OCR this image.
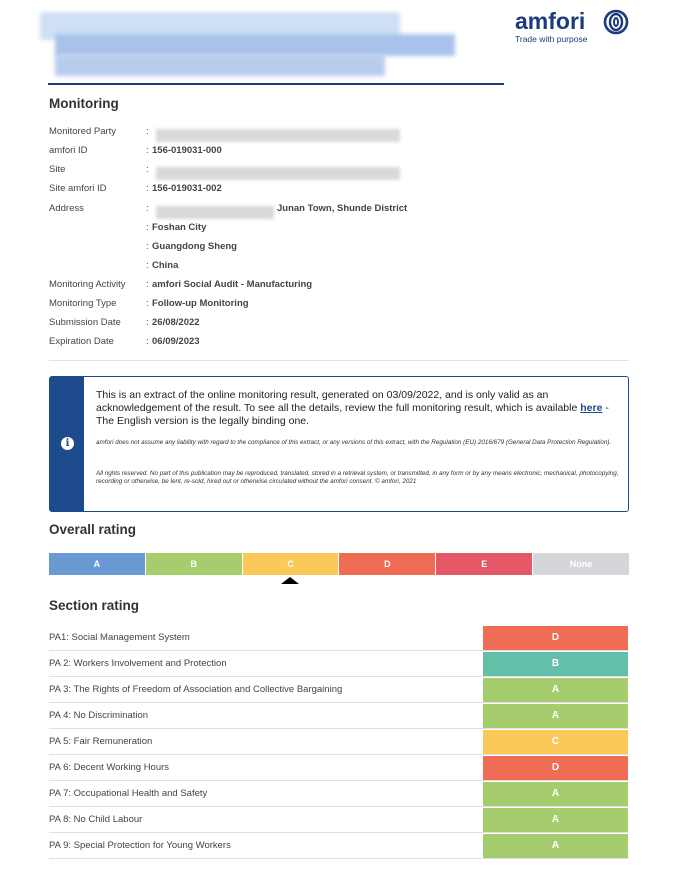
amfori
Trade with purpose
Monitoring
Monitored Party	:
amfori ID	: 156-019031-000
Site	:
Site amfori ID	: 156-019031-002
Address	:	Junan Town, Shunde District
: Foshan City
: Guangdong Sheng
: China
Monitoring Activity	: amfori Social Audit - Manufacturing
Monitoring Type	: Follow-up Monitoring
Submission Date	: 26/08/2022
Expiration Date	: 06/09/2023
i
This is an extract of the online monitoring result, generated on 03/09/2022, and is only valid as an acknowledgement of the result. To see all the details, review the full monitoring result, which is available here - The English version is the legally binding one.
amfori does not assume any liability with regard to the compliance of this extract, or any versions of this extract, with the Regulation (EU) 2016/679 (General Data Protection Regulation).
All rights reserved. No part of this publication may be reproduced, translated, stored in a retrieval system, or transmitted, in any form or by any means electronic, mechanical, photocopying, recording or otherwise, be lent, re-sold, hired out or otherwise circulated without the amfori consent. © amfori, 2021
Overall rating
A	B	C	D	E	None
Section rating
PA1: Social Management System	D
PA 2: Workers Involvement and Protection	B
PA 3: The Rights of Freedom of Association and Collective Bargaining	A
PA 4: No Discrimination	A
PA 5: Fair Remuneration	C
PA 6: Decent Working Hours	D
PA 7: Occupational Health and Safety	A
PA 8: No Child Labour	A
PA 9: Special Protection for Young Workers	A
